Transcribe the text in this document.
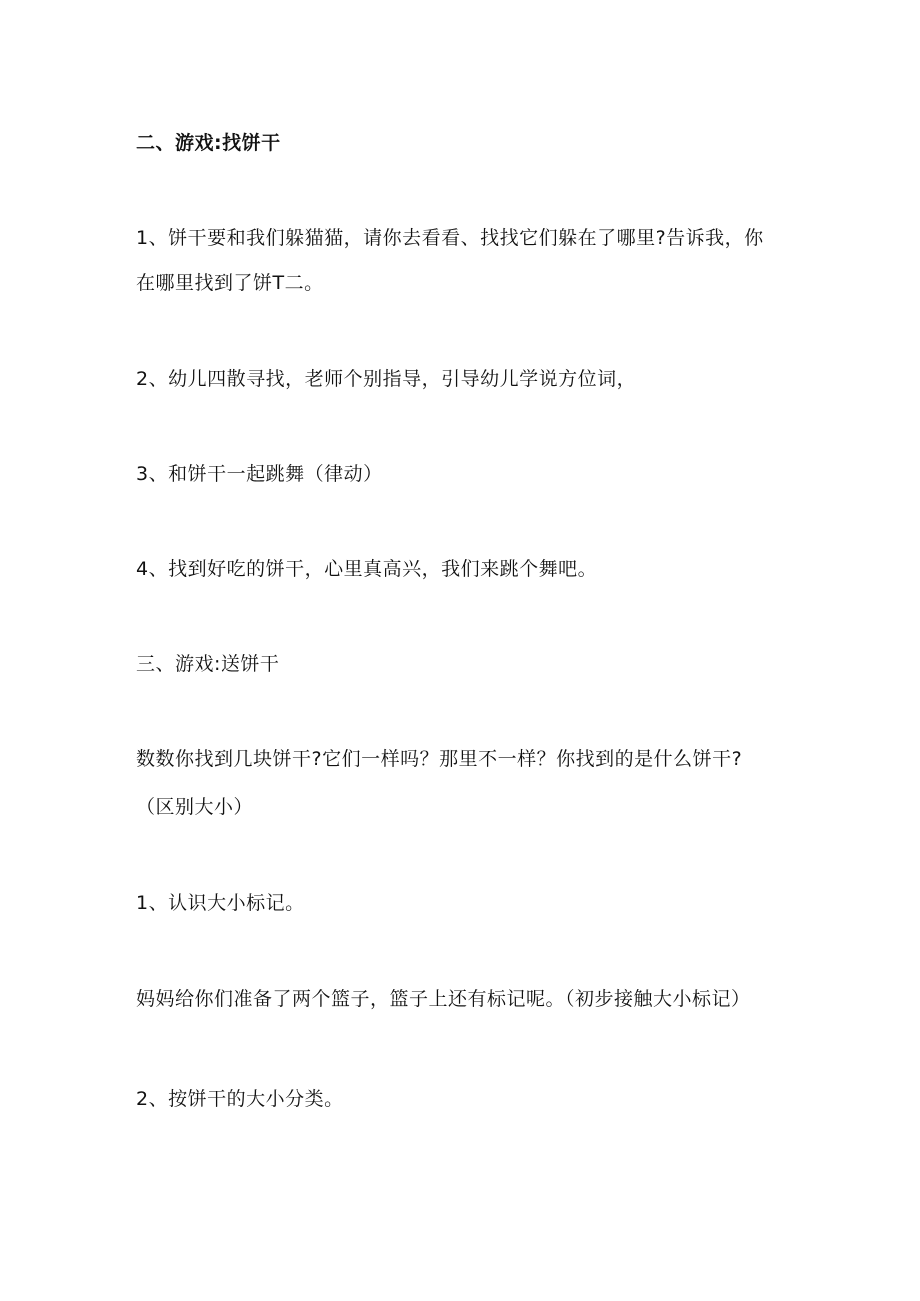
二、游戏:找饼干
1、饼干要和我们躲猫猫，请你去看看、找找它们躲在了哪里?告诉我，你
在哪里找到了饼T二。
2、幼儿四散寻找，老师个别指导，引导幼儿学说方位词，
3、和饼干一起跳舞（律动）
4、找到好吃的饼干，心里真高兴，我们来跳个舞吧。
三、游戏:送饼干
数数你找到几块饼干?它们一样吗？那里不一样？你找到的是什么饼干?
（区别大小）
1、认识大小标记。
妈妈给你们准备了两个篮子，篮子上还有标记呢。（初步接触大小标记）
2、按饼干的大小分类。
